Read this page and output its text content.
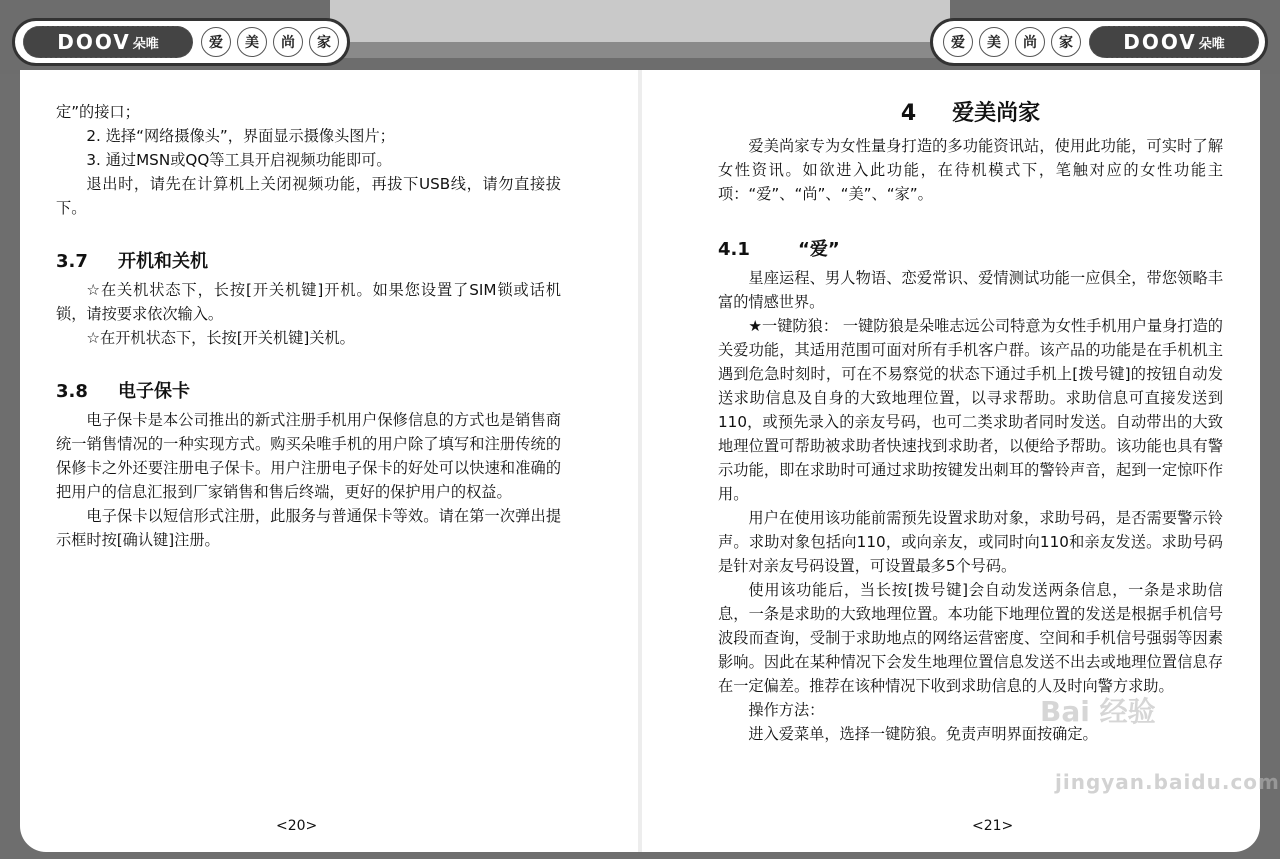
DOOV 朵唯	爱	美	尚	家	爱	美	尚	家	DOOV 朵唯

定”的接口；

2. 选择“网络摄像头”，界面显示摄像头图片；

3. 通过MSN或QQ等工具开启视频功能即可。

退出时，请先在计算机上关闭视频功能，再拔下USB线，请勿直接拔下。

3.7	开机和关机

☆在关机状态下，长按[开关机键]开机。如果您设置了SIM锁或话机锁，请按要求依次输入。

☆在开机状态下，长按[开关机键]关机。

3.8	电子保卡

电子保卡是本公司推出的新式注册手机用户保修信息的方式也是销售商统一销售情况的一种实现方式。购买朵唯手机的用户除了填写和注册传统的保修卡之外还要注册电子保卡。用户注册电子保卡的好处可以快速和准确的把用户的信息汇报到厂家销售和售后终端，更好的保护用户的权益。

电子保卡以短信形式注册，此服务与普通保卡等效。请在第一次弹出提示框时按[确认键]注册。

4 爱美尚家

爱美尚家专为女性量身打造的多功能资讯站，使用此功能，可实时了解女性资讯。如欲进入此功能，在待机模式下，笔触对应的女性功能主项：“爱”、“尚”、“美”、“家”。

4.1	“爱”

星座运程、男人物语、恋爱常识、爱情测试功能一应俱全，带您领略丰富的情感世界。

★一键防狼： 一键防狼是朵唯志远公司特意为女性手机用户量身打造的关爱功能，其适用范围可面对所有手机客户群。该产品的功能是在手机机主遇到危急时刻时，可在不易察觉的状态下通过手机上[拨号键]的按钮自动发送求助信息及自身的大致地理位置，以寻求帮助。求助信息可直接发送到110，或预先录入的亲友号码，也可二类求助者同时发送。自动带出的大致地理位置可帮助被求助者快速找到求助者，以便给予帮助。该功能也具有警示功能，即在求助时可通过求助按键发出刺耳的警铃声音，起到一定惊吓作用。

用户在使用该功能前需预先设置求助对象，求助号码，是否需要警示铃声。求助对象包括向110，或向亲友，或同时向110和亲友发送。求助号码是针对亲友号码设置，可设置最多5个号码。

使用该功能后，当长按[拨号键]会自动发送两条信息，一条是求助信息，一条是求助的大致地理位置。本功能下地理位置的发送是根据手机信号波段而查询，受制于求助地点的网络运营密度、空间和手机信号强弱等因素影响。因此在某种情况下会发生地理位置信息发送不出去或地理位置信息存在一定偏差。推荐在该种情况下收到求助信息的人及时向警方求助。

操作方法：

进入爱菜单，选择一键防狼。免责声明界面按确定。

<20>	<21>
Bai 经验
jingyan.baidu.com
